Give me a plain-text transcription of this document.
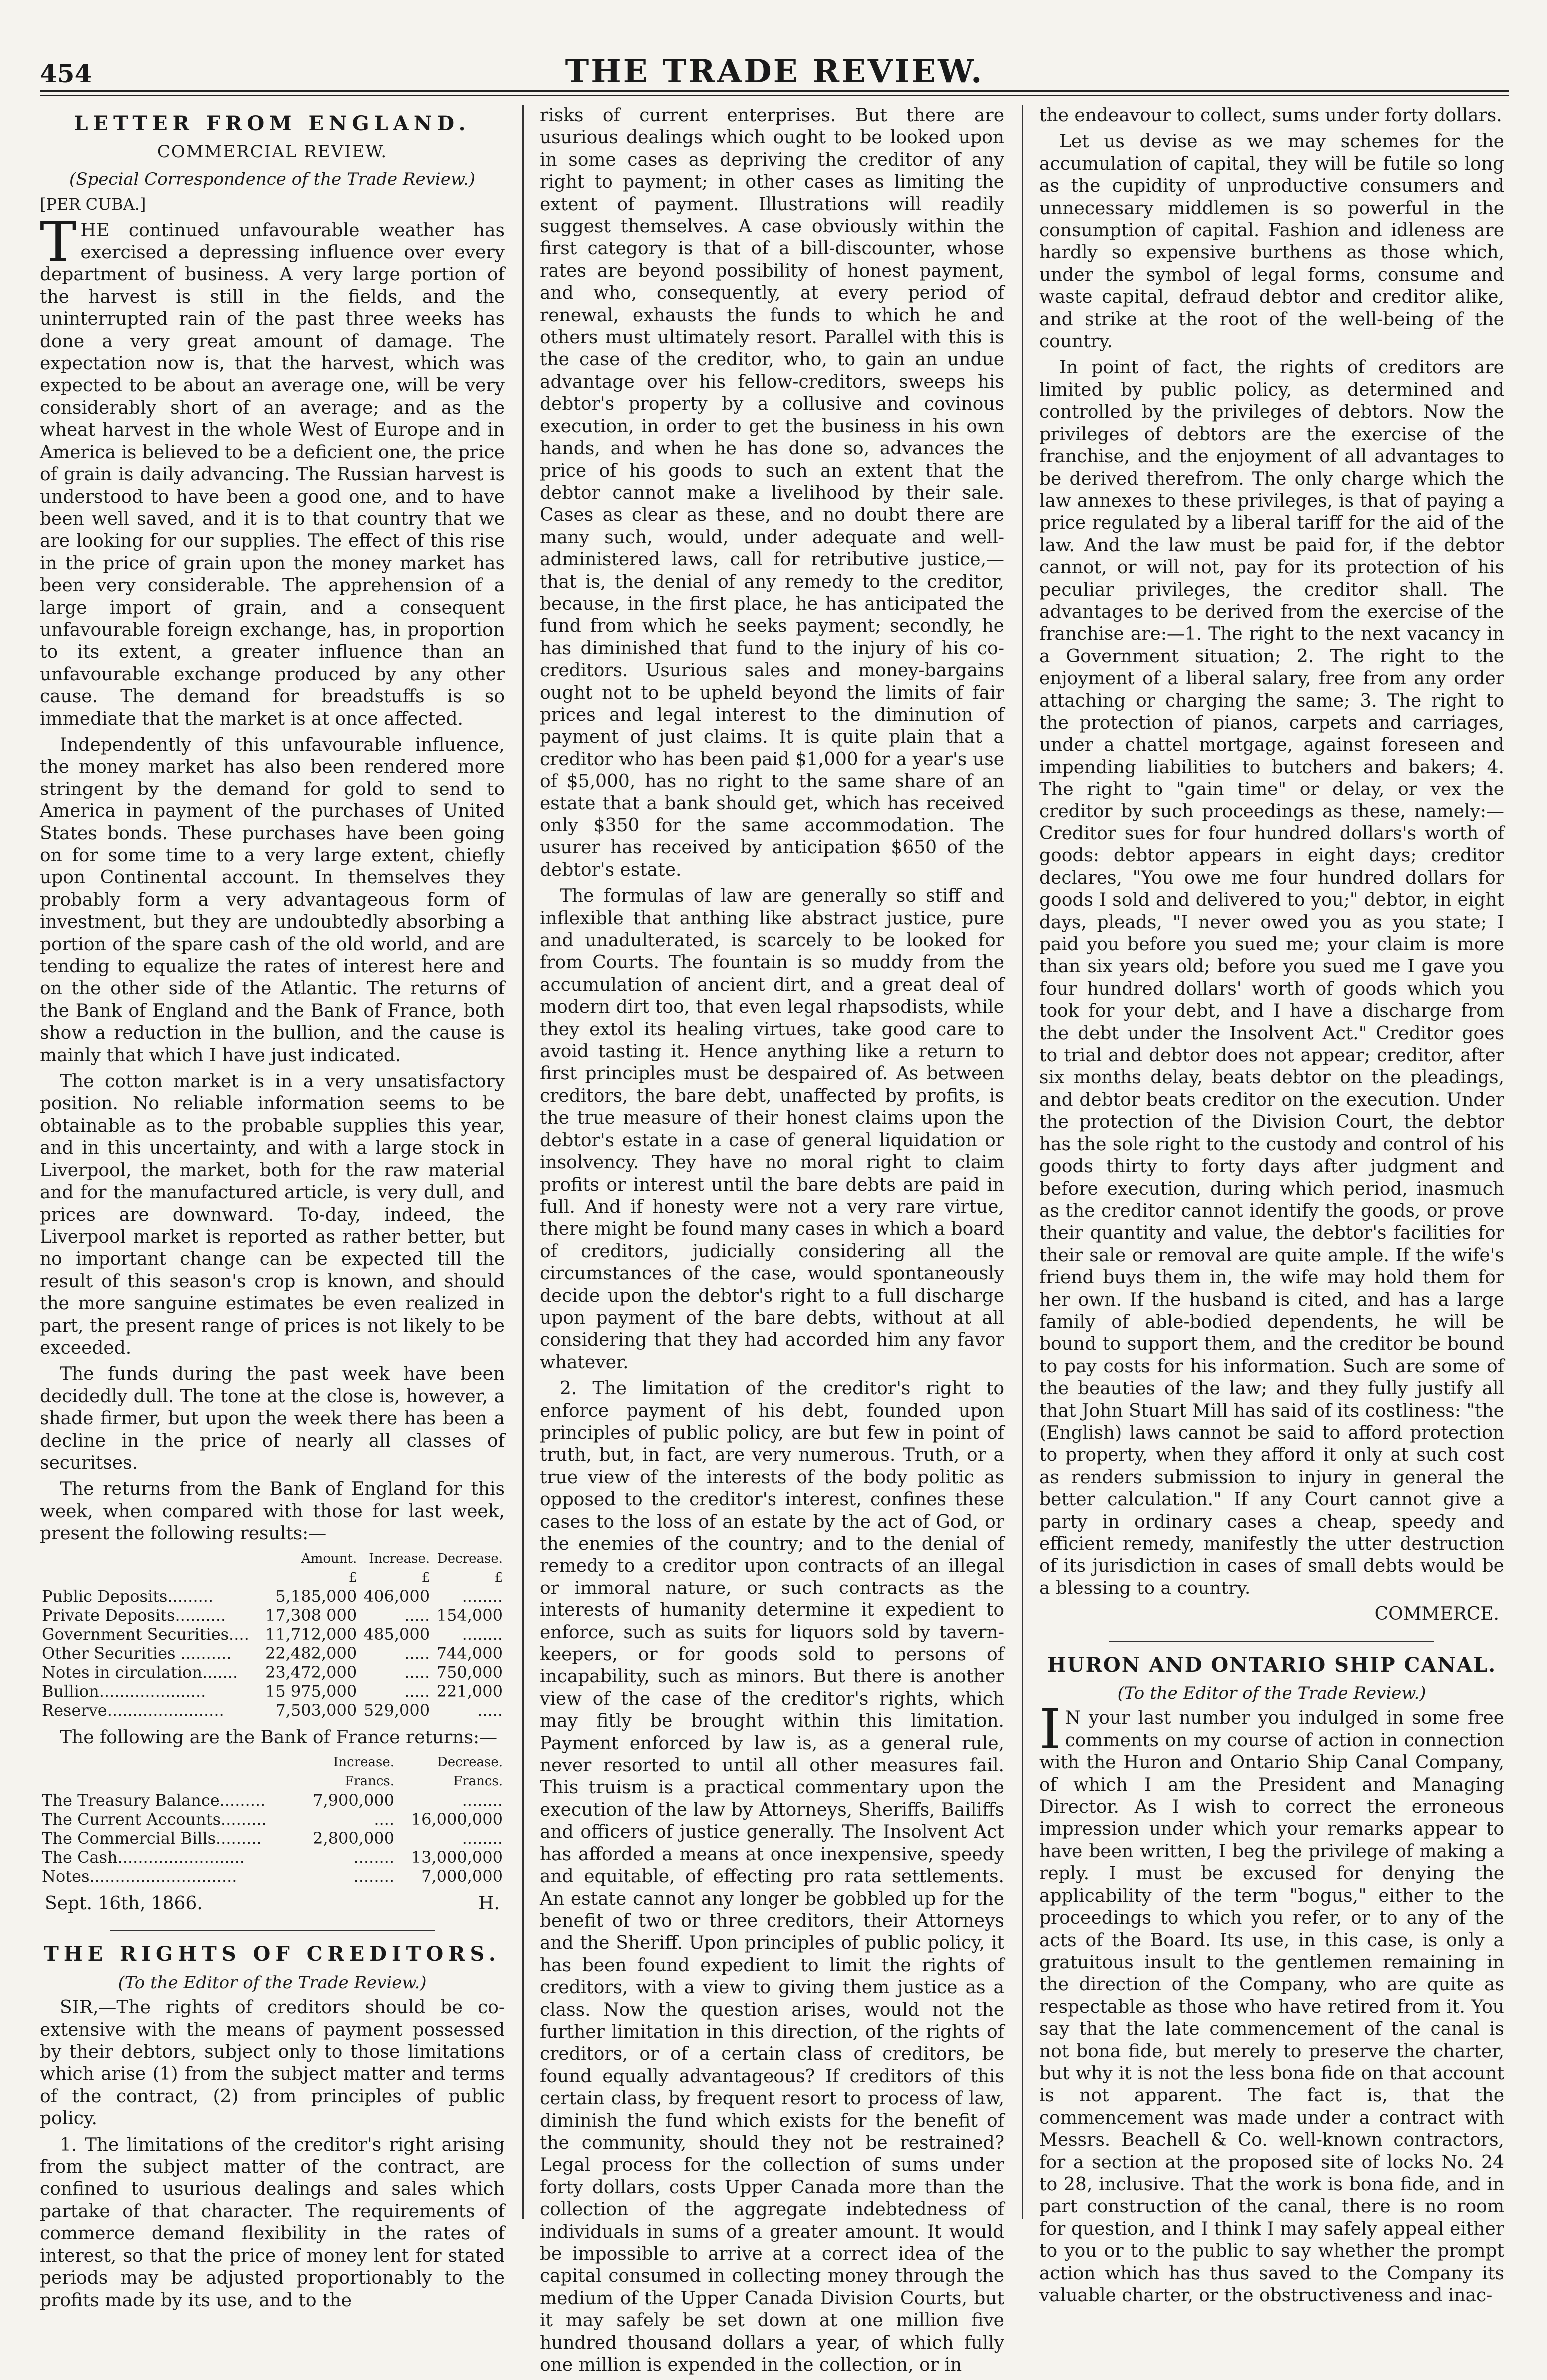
454	THE TRADE REVIEW.
LETTER FROM ENGLAND.
COMMERCIAL REVIEW.
(Special Correspondence of the Trade Review.)

[PER CUBA.]

THE continued unfavourable weather has exercised a depressing influence over every department of business. A very large portion of the harvest is still in the fields, and the uninterrupted rain of the past three weeks has done a very great amount of damage. The expectation now is, that the harvest, which was expected to be about an average one, will be very considerably short of an average; and as the wheat harvest in the whole West of Europe and in America is believed to be a deficient one, the price of grain is daily advancing. The Russian harvest is understood to have been a good one, and to have been well saved, and it is to that country that we are looking for our supplies. The effect of this rise in the price of grain upon the money market has been very considerable. The apprehension of a large import of grain, and a consequent unfavourable foreign exchange, has, in proportion to its extent, a greater influence than an unfavourable exchange produced by any other cause. The demand for breadstuffs is so immediate that the market is at once affected.

Independently of this unfavourable influence, the money market has also been rendered more stringent by the demand for gold to send to America in payment of the purchases of United States bonds. These purchases have been going on for some time to a very large extent, chiefly upon Continental account. In themselves they probably form a very advantageous form of investment, but they are undoubtedly absorbing a portion of the spare cash of the old world, and are tending to equalize the rates of interest here and on the other side of the Atlantic. The returns of the Bank of England and the Bank of France, both show a reduction in the bullion, and the cause is mainly that which I have just indicated.

The cotton market is in a very unsatisfactory position. No reliable information seems to be obtainable as to the probable supplies this year, and in this uncertainty, and with a large stock in Liverpool, the market, both for the raw material and for the manufactured article, is very dull, and prices are downward. To-day, indeed, the Liverpool market is reported as rather better, but no important change can be expected till the result of this season's crop is known, and should the more sanguine estimates be even realized in part, the present range of prices is not likely to be exceeded.

The funds during the past week have been decidedly dull. The tone at the close is, however, a shade firmer, but upon the week there has been a decline in the price of nearly all classes of securitses.

The returns from the Bank of England for this week, when compared with those for last week, present the following results:—

	Amount.	Increase.	Decrease.
	£	£	£
Public Deposits.........	5,185,000	406,000	........
Private Deposits..........	17,308 000	.....	154,000
Government Securities....	11,712,000	485,000	........
Other Securities ..........	22,482,000	.....	744,000
Notes in circulation.......	23,472,000	.....	750,000
Bullion.....................	15 975,000	.....	221,000
Reserve.......................	7,503,000	529,000	.....

The following are the Bank of France returns:—

	Increase.	Decrease.
	Francs.	Francs.
The Treasury Balance.........	7,900,000	........
The Current Accounts.........	....	16,000,000
The Commercial Bills.........	2,800,000	........
The Cash.........................	........	13,000,000
Notes.............................	........	7,000,000
Sept. 16th, 1866.	H.
THE RIGHTS OF CREDITORS.
(To the Editor of the Trade Review.)

SIR,—The rights of creditors should be co-extensive with the means of payment possessed by their debtors, subject only to those limitations which arise (1) from the subject matter and terms of the contract, (2) from principles of public policy.

1. The limitations of the creditor's right arising from the subject matter of the contract, are confined to usurious dealings and sales which partake of that character. The requirements of commerce demand flexibility in the rates of interest, so that the price of money lent for stated periods may be adjusted proportionably to the profits made by its use, and to the

risks of current enterprises. But there are usurious dealings which ought to be looked upon in some cases as depriving the creditor of any right to payment; in other cases as limiting the extent of payment. Illustrations will readily suggest themselves. A case obviously within the first category is that of a bill-discounter, whose rates are beyond possibility of honest payment, and who, consequently, at every period of renewal, exhausts the funds to which he and others must ultimately resort. Parallel with this is the case of the creditor, who, to gain an undue advantage over his fellow-creditors, sweeps his debtor's property by a collusive and covinous execution, in order to get the business in his own hands, and when he has done so, advances the price of his goods to such an extent that the debtor cannot make a livelihood by their sale. Cases as clear as these, and no doubt there are many such, would, under adequate and well-administered laws, call for retributive justice,—that is, the denial of any remedy to the creditor, because, in the first place, he has anticipated the fund from which he seeks payment; secondly, he has diminished that fund to the injury of his co-creditors. Usurious sales and money-bargains ought not to be upheld beyond the limits of fair prices and legal interest to the diminution of payment of just claims. It is quite plain that a creditor who has been paid $1,000 for a year's use of $5,000, has no right to the same share of an estate that a bank should get, which has received only $350 for the same accommodation. The usurer has received by anticipation $650 of the debtor's estate.

The formulas of law are generally so stiff and inflexible that anthing like abstract justice, pure and unadulterated, is scarcely to be looked for from Courts. The fountain is so muddy from the accumulation of ancient dirt, and a great deal of modern dirt too, that even legal rhapsodists, while they extol its healing virtues, take good care to avoid tasting it. Hence anything like a return to first principles must be despaired of. As between creditors, the bare debt, unaffected by profits, is the true measure of their honest claims upon the debtor's estate in a case of general liquidation or insolvency. They have no moral right to claim profits or interest until the bare debts are paid in full. And if honesty were not a very rare virtue, there might be found many cases in which a board of creditors, judicially considering all the circumstances of the case, would spontaneously decide upon the debtor's right to a full discharge upon payment of the bare debts, without at all considering that they had accorded him any favor whatever.

2. The limitation of the creditor's right to enforce payment of his debt, founded upon principles of public policy, are but few in point of truth, but, in fact, are very numerous. Truth, or a true view of the interests of the body politic as opposed to the creditor's interest, confines these cases to the loss of an estate by the act of God, or the enemies of the country; and to the denial of remedy to a creditor upon contracts of an illegal or immoral nature, or such contracts as the interests of humanity determine it expedient to enforce, such as suits for liquors sold by tavern-keepers, or for goods sold to persons of incapability, such as minors. But there is another view of the case of the creditor's rights, which may fitly be brought within this limitation. Payment enforced by law is, as a general rule, never resorted to until all other measures fail. This truism is a practical commentary upon the execution of the law by Attorneys, Sheriffs, Bailiffs and officers of justice generally. The Insolvent Act has afforded a means at once inexpensive, speedy and equitable, of effecting pro rata settlements. An estate cannot any longer be gobbled up for the benefit of two or three creditors, their Attorneys and the Sheriff. Upon principles of public policy, it has been found expedient to limit the rights of creditors, with a view to giving them justice as a class. Now the question arises, would not the further limitation in this direction, of the rights of creditors, or of a certain class of creditors, be found equally advantageous? If creditors of this certain class, by frequent resort to process of law, diminish the fund which exists for the benefit of the community, should they not be restrained? Legal process for the collection of sums under forty dollars, costs Upper Canada more than the collection of the aggregate indebtedness of individuals in sums of a greater amount. It would be impossible to arrive at a correct idea of the capital consumed in collecting money through the medium of the Upper Canada Division Courts, but it may safely be set down at one million five hundred thousand dollars a year, of which fully one million is expended in the collection, or in

the endeavour to collect, sums under forty dollars.

Let us devise as we may schemes for the accumulation of capital, they will be futile so long as the cupidity of unproductive consumers and unnecessary middlemen is so powerful in the consumption of capital. Fashion and idleness are hardly so expensive burthens as those which, under the symbol of legal forms, consume and waste capital, defraud debtor and creditor alike, and strike at the root of the well-being of the country.

In point of fact, the rights of creditors are limited by public policy, as determined and controlled by the privileges of debtors. Now the privileges of debtors are the exercise of the franchise, and the enjoyment of all advantages to be derived therefrom. The only charge which the law annexes to these privileges, is that of paying a price regulated by a liberal tariff for the aid of the law. And the law must be paid for, if the debtor cannot, or will not, pay for its protection of his peculiar privileges, the creditor shall. The advantages to be derived from the exercise of the franchise are:—1. The right to the next vacancy in a Government situation; 2. The right to the enjoyment of a liberal salary, free from any order attaching or charging the same; 3. The right to the protection of pianos, carpets and carriages, under a chattel mortgage, against foreseen and impending liabilities to butchers and bakers; 4. The right to "gain time" or delay, or vex the creditor by such proceedings as these, namely:—Creditor sues for four hundred dollars's worth of goods: debtor appears in eight days; creditor declares, "You owe me four hundred dollars for goods I sold and delivered to you;" debtor, in eight days, pleads, "I never owed you as you state; I paid you before you sued me; your claim is more than six years old; before you sued me I gave you four hundred dollars' worth of goods which you took for your debt, and I have a discharge from the debt under the Insolvent Act." Creditor goes to trial and debtor does not appear; creditor, after six months delay, beats debtor on the pleadings, and debtor beats creditor on the execution. Under the protection of the Division Court, the debtor has the sole right to the custody and control of his goods thirty to forty days after judgment and before execution, during which period, inasmuch as the creditor cannot identify the goods, or prove their quantity and value, the debtor's facilities for their sale or removal are quite ample. If the wife's friend buys them in, the wife may hold them for her own. If the husband is cited, and has a large family of able-bodied dependents, he will be bound to support them, and the creditor be bound to pay costs for his information. Such are some of the beauties of the law; and they fully justify all that John Stuart Mill has said of its costliness: "the (English) laws cannot be said to afford protection to property, when they afford it only at such cost as renders submission to injury in general the better calculation." If any Court cannot give a party in ordinary cases a cheap, speedy and efficient remedy, manifestly the utter destruction of its jurisdiction in cases of small debts would be a blessing to a country.

COMMERCE.
HURON AND ONTARIO SHIP CANAL.
(To the Editor of the Trade Review.)

I N your last number you indulged in some free comments on my course of action in connection with the Huron and Ontario Ship Canal Company, of which I am the President and Managing Director. As I wish to correct the erroneous impression under which your remarks appear to have been written, I beg the privilege of making a reply. I must be excused for denying the applicability of the term "bogus," either to the proceedings to which you refer, or to any of the acts of the Board. Its use, in this case, is only a gratuitous insult to the gentlemen remaining in the direction of the Company, who are quite as respectable as those who have retired from it. You say that the late commencement of the canal is not bona fide, but merely to preserve the charter, but why it is not the less bona fide on that account is not apparent. The fact is, that the commencement was made under a contract with Messrs. Beachell & Co. well-known contractors, for a section at the proposed site of locks No. 24 to 28, inclusive. That the work is bona fide, and in part construction of the canal, there is no room for question, and I think I may safely appeal either to you or to the public to say whether the prompt action which has thus saved to the Company its valuable charter, or the obstructiveness and inac-
